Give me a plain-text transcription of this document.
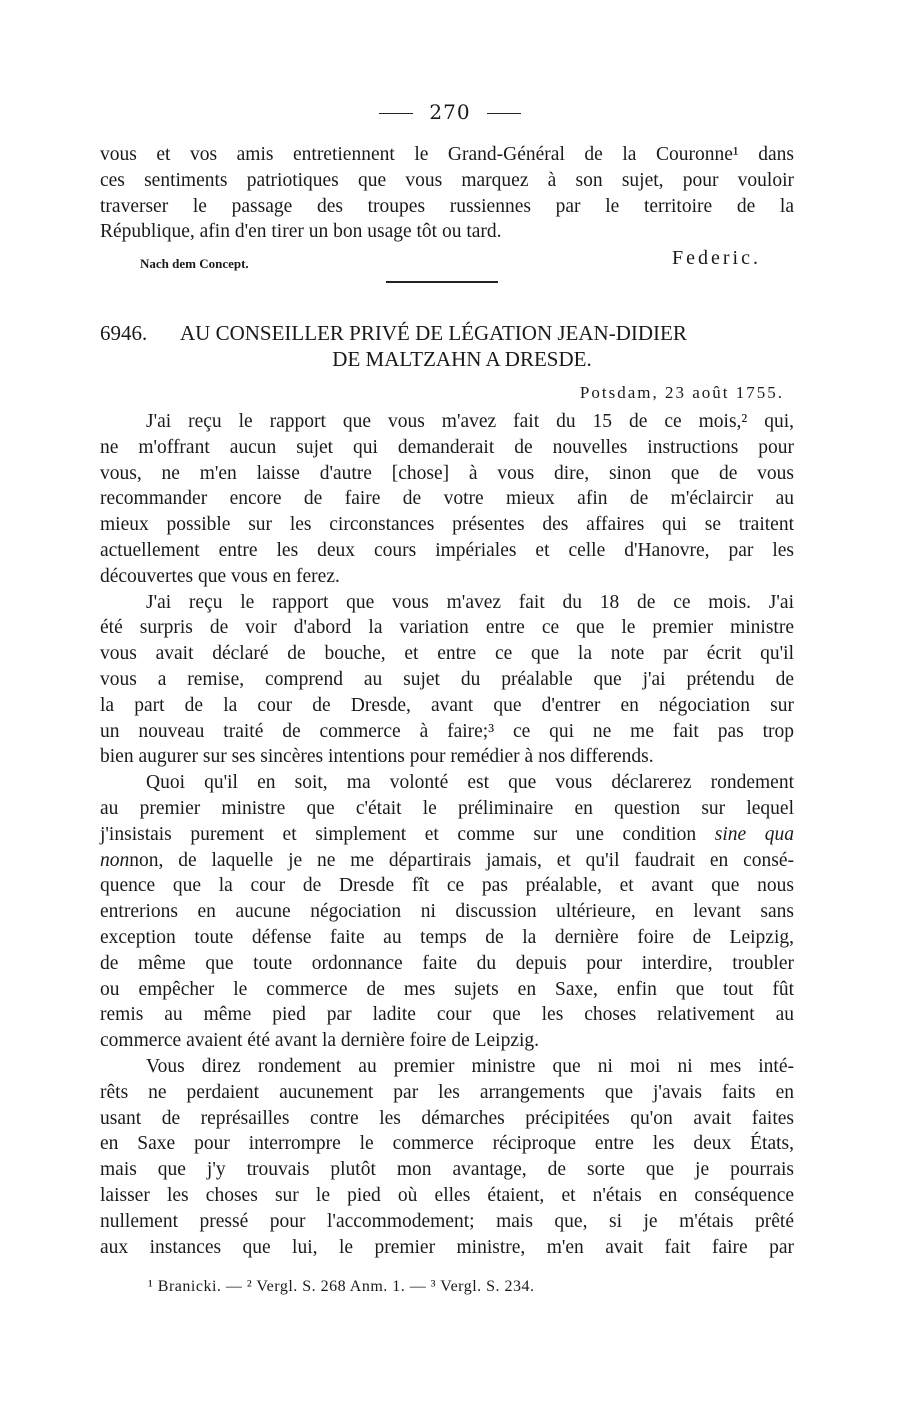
270
vous et vos amis entretiennent le Grand-Général de la Couronne¹ dans
ces sentiments patriotiques que vous marquez à son sujet, pour vouloir
traverser le passage des troupes russiennes par le territoire de la
République, afin d'en tirer un bon usage tôt ou tard.
Nach dem Concept.	Federic.
6946.	AU CONSEILLER PRIVÉ DE LÉGATION JEAN-DIDIER
DE MALTZAHN A DRESDE.
Potsdam, 23 août 1755.
J'ai reçu le rapport que vous m'avez fait du 15 de ce mois,² qui,
ne m'offrant aucun sujet qui demanderait de nouvelles instructions pour
vous, ne m'en laisse d'autre [chose] à vous dire, sinon que de vous
recommander encore de faire de votre mieux afin de m'éclaircir au
mieux possible sur les circonstances présentes des affaires qui se traitent
actuellement entre les deux cours impériales et celle d'Hanovre, par les
découvertes que vous en ferez.
J'ai reçu le rapport que vous m'avez fait du 18 de ce mois. J'ai
été surpris de voir d'abord la variation entre ce que le premier ministre
vous avait déclaré de bouche, et entre ce que la note par écrit qu'il
vous a remise, comprend au sujet du préalable que j'ai prétendu de
la part de la cour de Dresde, avant que d'entrer en négociation sur
un nouveau traité de commerce à faire;³ ce qui ne me fait pas trop
bien augurer sur ses sincères intentions pour remédier à nos differends.
Quoi qu'il en soit, ma volonté est que vous déclarerez rondement
au premier ministre que c'était le préliminaire en question sur lequel
j'insistais purement et simplement et comme sur une condition sine qua
nonnon, de laquelle je ne me départirais jamais, et qu'il faudrait en consé-
quence que la cour de Dresde fît ce pas préalable, et avant que nous
entrerions en aucune négociation ni discussion ultérieure, en levant sans
exception toute défense faite au temps de la dernière foire de Leipzig,
de même que toute ordonnance faite du depuis pour interdire, troubler
ou empêcher le commerce de mes sujets en Saxe, enfin que tout fût
remis au même pied par ladite cour que les choses relativement au
commerce avaient été avant la dernière foire de Leipzig.
Vous direz rondement au premier ministre que ni moi ni mes inté-
rêts ne perdaient aucunement par les arrangements que j'avais faits en
usant de représailles contre les démarches précipitées qu'on avait faites
en Saxe pour interrompre le commerce réciproque entre les deux États,
mais que j'y trouvais plutôt mon avantage, de sorte que je pourrais
laisser les choses sur le pied où elles étaient, et n'étais en conséquence
nullement pressé pour l'accommodement; mais que, si je m'étais prêté
aux instances que lui, le premier ministre, m'en avait fait faire par
¹ Branicki. — ² Vergl. S. 268 Anm. 1. — ³ Vergl. S. 234.
